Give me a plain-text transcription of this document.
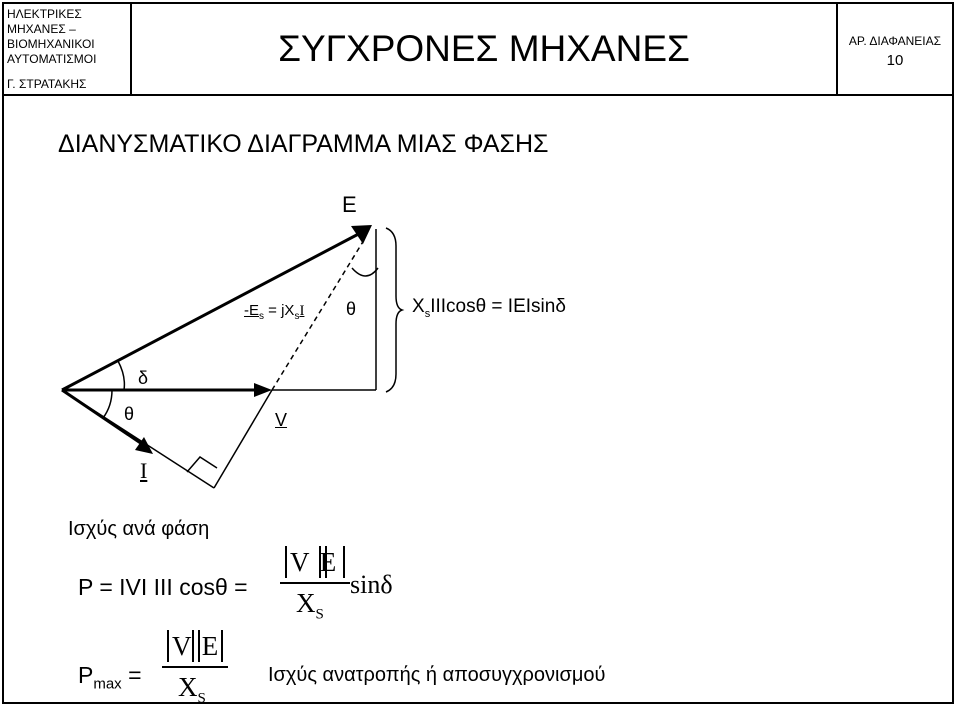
ΗΛΕΚΤΡΙΚΕΣ
ΜΗΧΑΝΕΣ –
ΒΙΟΜΗΧΑΝΙΚΟΙ
ΑΥΤΟΜΑΤΙΣΜΟΙ
Γ. ΣΤΡΑΤΑΚΗΣ
ΣΥΓΧΡΟΝΕΣ ΜΗΧΑΝΕΣ	ΑΡ. ΔΙΑΦΑΝΕΙΑΣ
10
ΔΙΑΝΥΣΜΑΤΙΚΟ ΔΙΑΓΡΑΜΜΑ ΜΙΑΣ ΦΑΣΗΣ
E
$-E_s = jX_sI$ θ	$X_sIIIcos\theta = IEIsin\delta$
δ
θ	V
I
Ισχύς ανά φάση
P = IVI III cosθ =
V E
$X_S$
sinδ
$P_{max}$ =
V E
$X_S$
Ισχύς ανατροπής ή αποσυγχρονισμού
